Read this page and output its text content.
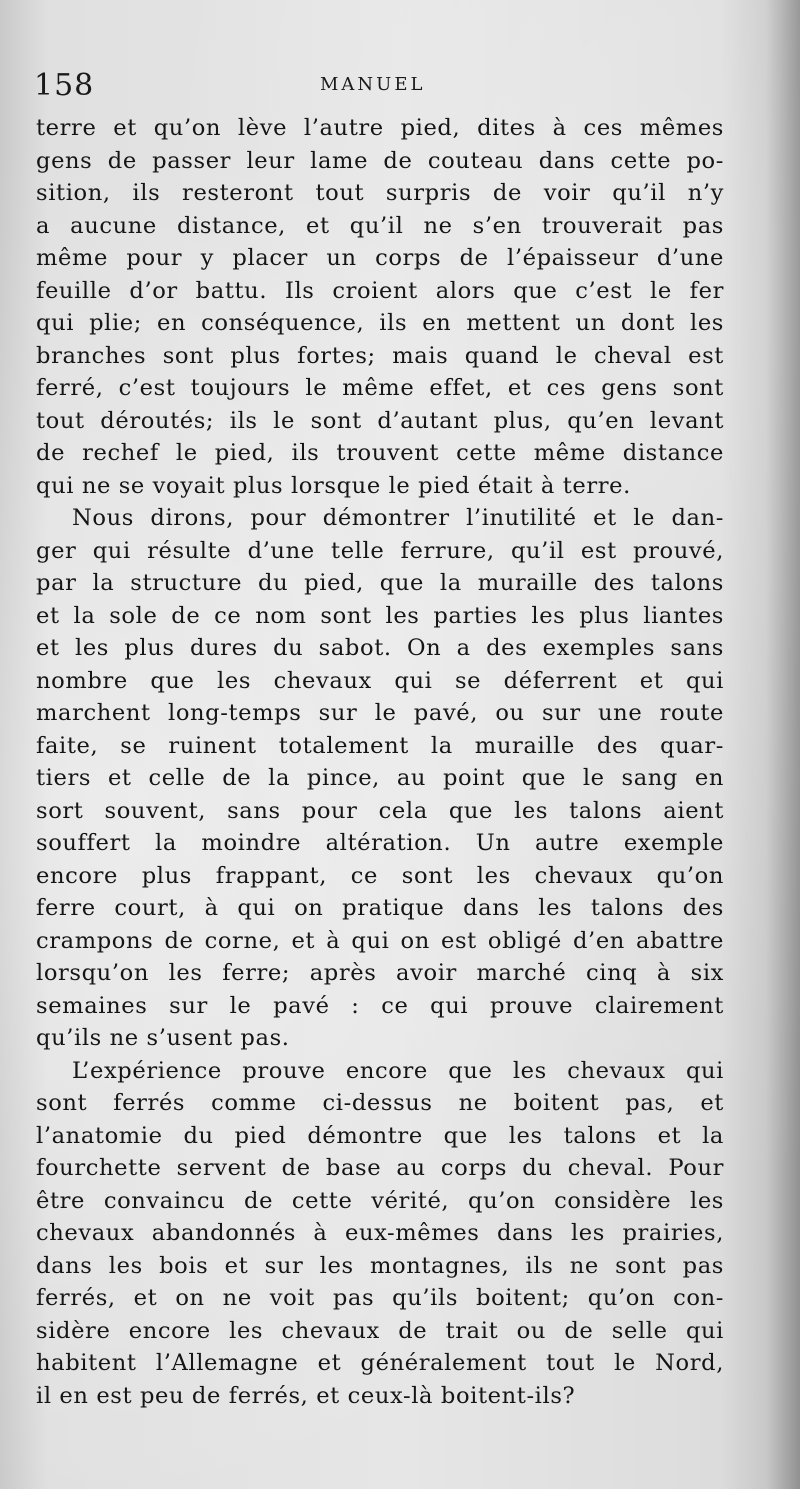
158	MANUEL
terre et qu’on lève l’autre pied, dites à ces mêmes
gens de passer leur lame de couteau dans cette po-
sition, ils resteront tout surpris de voir qu’il n’y
a aucune distance, et qu’il ne s’en trouverait pas
même pour y placer un corps de l’épaisseur d’une
feuille d’or battu. Ils croient alors que c’est le fer
qui plie; en conséquence, ils en mettent un dont les
branches sont plus fortes; mais quand le cheval est
ferré, c’est toujours le même effet, et ces gens sont
tout déroutés; ils le sont d’autant plus, qu’en levant
de rechef le pied, ils trouvent cette même distance
qui ne se voyait plus lorsque le pied était à terre.
Nous dirons, pour démontrer l’inutilité et le dan-
ger qui résulte d’une telle ferrure, qu’il est prouvé,
par la structure du pied, que la muraille des talons
et la sole de ce nom sont les parties les plus liantes
et les plus dures du sabot. On a des exemples sans
nombre que les chevaux qui se déferrent et qui
marchent long-temps sur le pavé, ou sur une route
faite, se ruinent totalement la muraille des quar-
tiers et celle de la pince, au point que le sang en
sort souvent, sans pour cela que les talons aient
souffert la moindre altération. Un autre exemple
encore plus frappant, ce sont les chevaux qu’on
ferre court, à qui on pratique dans les talons des
crampons de corne, et à qui on est obligé d’en abattre
lorsqu’on les ferre; après avoir marché cinq à six
semaines sur le pavé : ce qui prouve clairement
qu’ils ne s’usent pas.
L’expérience prouve encore que les chevaux qui
sont ferrés comme ci-dessus ne boitent pas, et
l’anatomie du pied démontre que les talons et la
fourchette servent de base au corps du cheval. Pour
être convaincu de cette vérité, qu’on considère les
chevaux abandonnés à eux-mêmes dans les prairies,
dans les bois et sur les montagnes, ils ne sont pas
ferrés, et on ne voit pas qu’ils boitent; qu’on con-
sidère encore les chevaux de trait ou de selle qui
habitent l’Allemagne et généralement tout le Nord,
il en est peu de ferrés, et ceux-là boitent-ils?
